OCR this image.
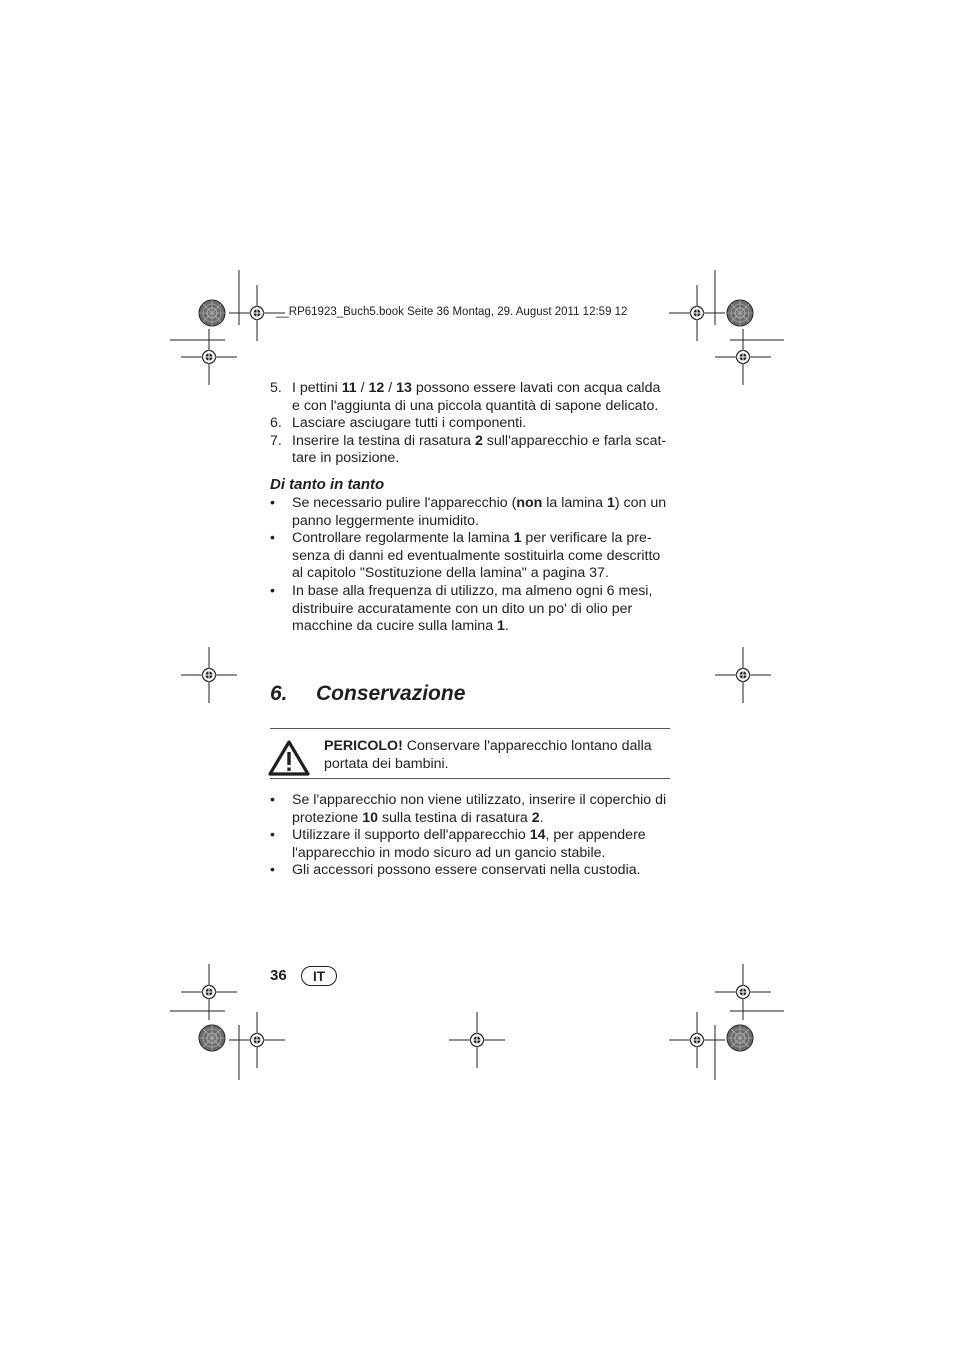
__RP61923_Buch5.book Seite 36 Montag, 29. August 2011 12:59 12
5. I pettini 11 / 12 / 13 possono essere lavati con acqua calda
e con l'aggiunta di una piccola quantità di sapone delicato.
6. Lasciare asciugare tutti i componenti.
7. Inserire la testina di rasatura 2 sull'apparecchio e farla scat-
tare in posizione.
Di tanto in tanto
• Se necessario pulire l'apparecchio (non la lamina 1) con un
panno leggermente inumidito.
• Controllare regolarmente la lamina 1 per verificare la pre-
senza di danni ed eventualmente sostituirla come descritto
al capitolo "Sostituzione della lamina" a pagina 37.
• In base alla frequenza di utilizzo, ma almeno ogni 6 mesi,
distribuire accuratamente con un dito un po' di olio per
macchine da cucire sulla lamina 1.
6. Conservazione
PERICOLO! Conservare l'apparecchio lontano dalla
portata dei bambini.
• Se l'apparecchio non viene utilizzato, inserire il coperchio di
protezione 10 sulla testina di rasatura 2.
• Utilizzare il supporto dell'apparecchio 14, per appendere
l'apparecchio in modo sicuro ad un gancio stabile.
• Gli accessori possono essere conservati nella custodia.
36	IT
